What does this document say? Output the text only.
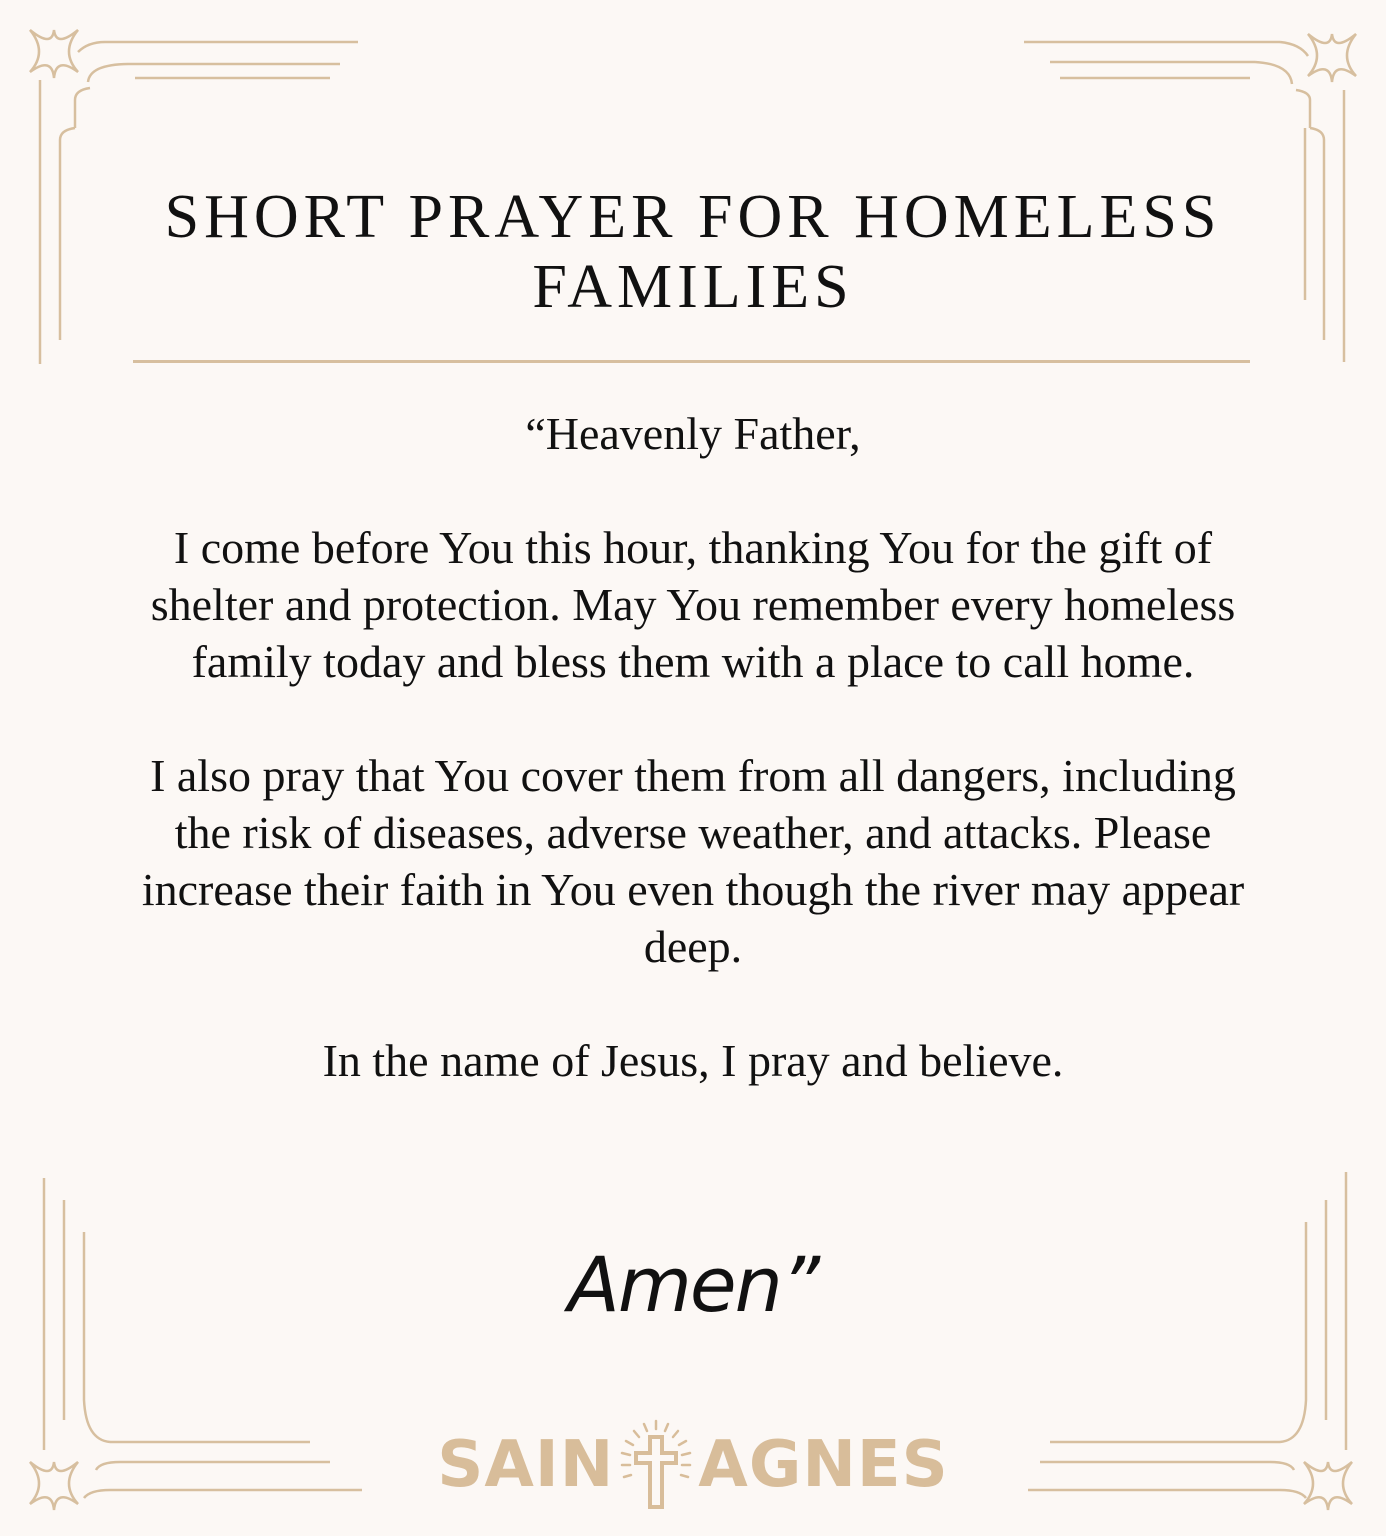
SHORT PRAYER FOR HOMELESS
FAMILIES

“Heavenly Father,

I come before You this hour, thanking You for the gift of shelter and protection. May You remember every homeless family today and bless them with a place to call home.

I also pray that You cover them from all dangers, including the risk of diseases, adverse weather, and attacks. Please increase their faith in You even though the river may appear deep.

In the name of Jesus, I pray and believe.

Amen”
SAIN AGNES
